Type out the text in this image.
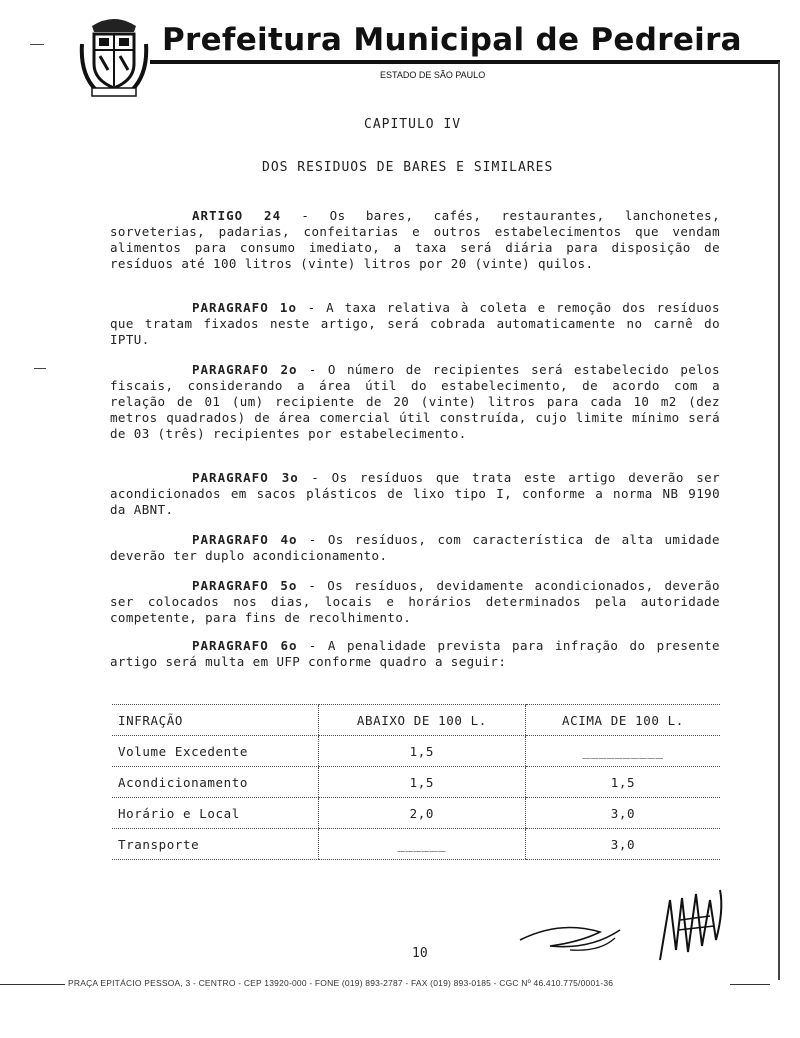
Prefeitura Municipal de Pedreira
ESTADO DE SÃO PAULO
CAPITULO IV
DOS RESIDUOS DE BARES E SIMILARES
ARTIGO 24 - Os bares, cafés, restaurantes, lanchonetes, sorveterias, padarias, confeitarias e outros estabelecimentos que vendam alimentos para consumo imediato, a taxa será diária para disposição de resíduos até 100 litros (vinte) litros por 20 (vinte) quilos.
PARAGRAFO 1o - A taxa relativa à coleta e remoção dos resíduos que tratam fixados neste artigo, será cobrada automaticamente no carnê do IPTU.
PARAGRAFO 2o - O número de recipientes será estabelecido pelos fiscais, considerando a área útil do estabelecimento, de acordo com a relação de 01 (um) recipiente de 20 (vinte) litros para cada 10 m2 (dez metros quadrados) de área comercial útil construída, cujo limite mínimo será de 03 (três) recipientes por estabelecimento.
PARAGRAFO 3o - Os resíduos que trata este artigo deverão ser acondicionados em sacos plásticos de lixo tipo I, conforme a norma NB 9190 da ABNT.
PARAGRAFO 4o - Os resíduos, com característica de alta umidade deverão ter duplo acondicionamento.
PARAGRAFO 5o - Os resíduos, devidamente acondicionados, deverão ser colocados nos dias, locais e horários determinados pela autoridade competente, para fins de recolhimento.
PARAGRAFO 6o - A penalidade prevista para infração do presente artigo será multa em UFP conforme quadro a seguir:
INFRAÇÃO	ABAIXO DE 100 L.	ACIMA DE 100 L.
Volume Excedente	1,5	__________
Acondicionamento	1,5	1,5
Horário e Local	2,0	3,0
Transporte	______	3,0
10
PRAÇA EPITÁCIO PESSOA, 3 - CENTRO - CEP 13920-000 - FONE (019) 893-2787 - FAX (019) 893-0185 - CGC Nº 46.410.775/0001-36
